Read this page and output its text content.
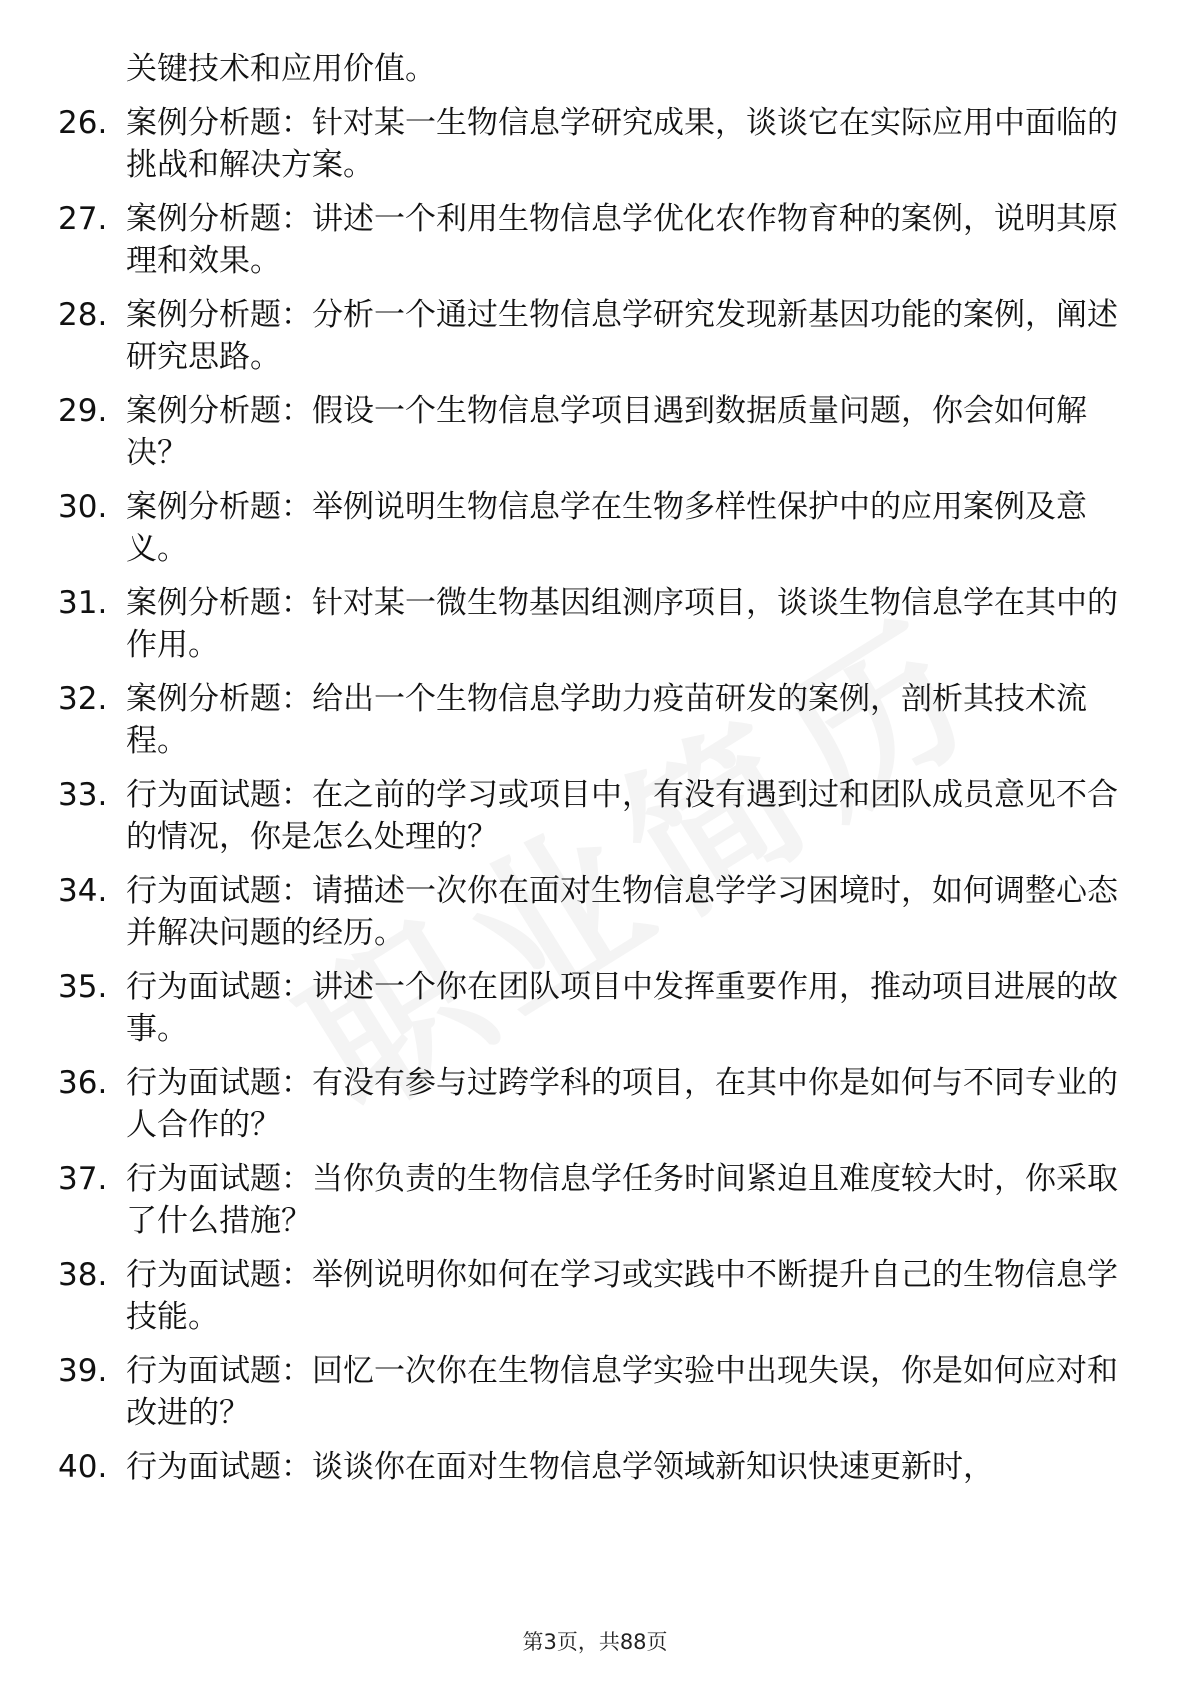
关键技术和应用价值。
26. 案例分析题：针对某一生物信息学研究成果，谈谈它在实际应用中面临的挑战和解决方案。
27. 案例分析题：讲述一个利用生物信息学优化农作物育种的案例，说明其原理和效果。
28. 案例分析题：分析一个通过生物信息学研究发现新基因功能的案例，阐述研究思路。
29. 案例分析题：假设一个生物信息学项目遇到数据质量问题，你会如何解决？
30. 案例分析题：举例说明生物信息学在生物多样性保护中的应用案例及意义。
31. 案例分析题：针对某一微生物基因组测序项目，谈谈生物信息学在其中的作用。
32. 案例分析题：给出一个生物信息学助力疫苗研发的案例，剖析其技术流程。
33. 行为面试题：在之前的学习或项目中，有没有遇到过和团队成员意见不合的情况，你是怎么处理的？
34. 行为面试题：请描述一次你在面对生物信息学学习困境时，如何调整心态并解决问题的经历。
35. 行为面试题：讲述一个你在团队项目中发挥重要作用，推动项目进展的故事。
36. 行为面试题：有没有参与过跨学科的项目，在其中你是如何与不同专业的人合作的？
37. 行为面试题：当你负责的生物信息学任务时间紧迫且难度较大时，你采取了什么措施？
38. 行为面试题：举例说明你如何在学习或实践中不断提升自己的生物信息学技能。
39. 行为面试题：回忆一次你在生物信息学实验中出现失误，你是如何应对和改进的？
40. 行为面试题：谈谈你在面对生物信息学领域新知识快速更新时，
第3页，共88页
